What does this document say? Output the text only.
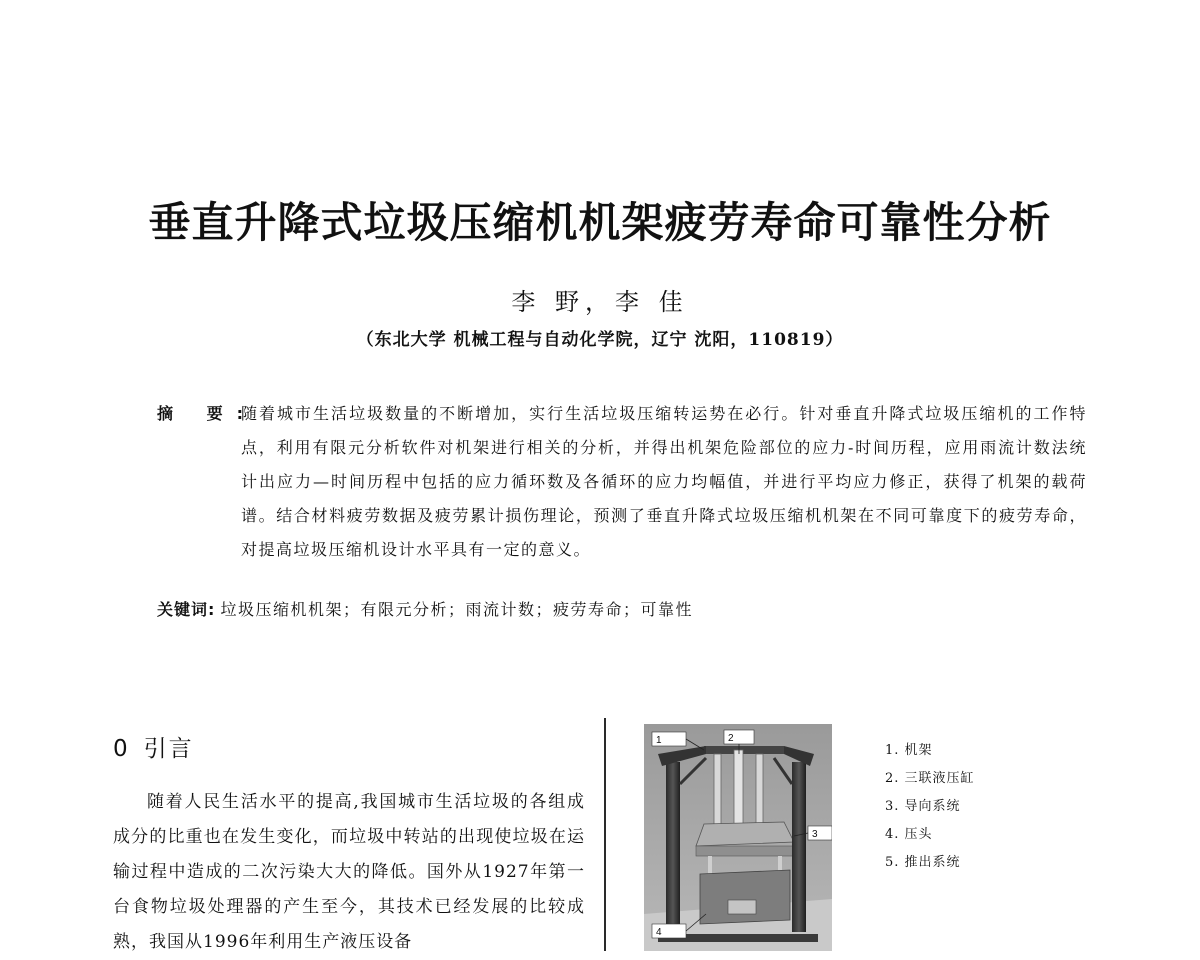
垂直升降式垃圾压缩机机架疲劳寿命可靠性分析
李 野，李 佳
（东北大学 机械工程与自动化学院，辽宁 沈阳，110819）
摘 要:
随着城市生活垃圾数量的不断增加，实行生活垃圾压缩转运势在必行。针对垂直升降式垃圾压缩机的工作特点，利用有限元分析软件对机架进行相关的分析，并得出机架危险部位的应力-时间历程，应用雨流计数法统计出应力—时间历程中包括的应力循环数及各循环的应力均幅值，并进行平均应力修正，获得了机架的载荷谱。结合材料疲劳数据及疲劳累计损伤理论，预测了垂直升降式垃圾压缩机机架在不同可靠度下的疲劳寿命，对提高垃圾压缩机设计水平具有一定的意义。
关键词: 垃圾压缩机机架；有限元分析；雨流计数；疲劳寿命；可靠性
0 引言
随着人民生活水平的提高,我国城市生活垃圾的各组成成分的比重也在发生变化，而垃圾中转站的出现使垃圾在运输过程中造成的二次污染大大的降低。国外从1927年第一台食物垃圾处理器的产生至今，其技术已经发展的比较成熟，我国从1996年利用生产液压设备
1	2
3
4
1. 机架
2. 三联液压缸
3. 导向系统
4. 压头
5. 推出系统
